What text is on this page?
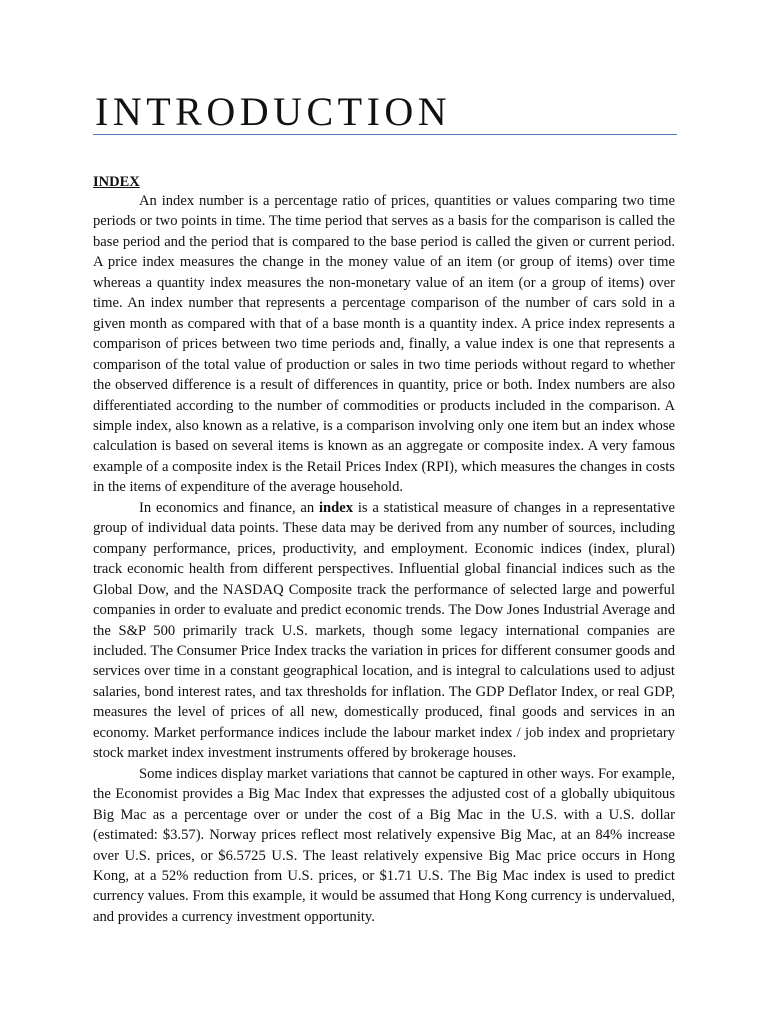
INTRODUCTION

INDEX

An index number is a percentage ratio of prices, quantities or values comparing two time periods or two points in time. The time period that serves as a basis for the comparison is called the base period and the period that is compared to the base period is called the given or current period. A price index measures the change in the money value of an item (or group of items) over time whereas a quantity index measures the non-monetary value of an item (or a group of items) over time. An index number that represents a percentage comparison of the number of cars sold in a given month as compared with that of a base month is a quantity index. A price index represents a comparison of prices between two time periods and, finally, a value index is one that represents a comparison of the total value of production or sales in two time periods without regard to whether the observed difference is a result of differences in quantity, price or both. Index numbers are also differentiated according to the number of commodities or products included in the comparison. A simple index, also known as a relative, is a comparison involving only one item but an index whose calculation is based on several items is known as an aggregate or composite index. A very famous example of a composite index is the Retail Prices Index (RPI), which measures the changes in costs in the items of expenditure of the average household.

In economics and finance, an index is a statistical measure of changes in a representative group of individual data points. These data may be derived from any number of sources, including company performance, prices, productivity, and employment. Economic indices (index, plural) track economic health from different perspectives. Influential global financial indices such as the Global Dow, and the NASDAQ Composite track the performance of selected large and powerful companies in order to evaluate and predict economic trends. The Dow Jones Industrial Average and the S&P 500 primarily track U.S. markets, though some legacy international companies are included. The Consumer Price Index tracks the variation in prices for different consumer goods and services over time in a constant geographical location, and is integral to calculations used to adjust salaries, bond interest rates, and tax thresholds for inflation. The GDP Deflator Index, or real GDP, measures the level of prices of all new, domestically produced, final goods and services in an economy. Market performance indices include the labour market index / job index and proprietary stock market index investment instruments offered by brokerage houses.

Some indices display market variations that cannot be captured in other ways. For example, the Economist provides a Big Mac Index that expresses the adjusted cost of a globally ubiquitous Big Mac as a percentage over or under the cost of a Big Mac in the U.S. with a U.S. dollar (estimated: $3.57). Norway prices reflect most relatively expensive Big Mac, at an 84% increase over U.S. prices, or $6.5725 U.S. The least relatively expensive Big Mac price occurs in Hong Kong, at a 52% reduction from U.S. prices, or $1.71 U.S. The Big Mac index is used to predict currency values. From this example, it would be assumed that Hong Kong currency is undervalued, and provides a currency investment opportunity.
